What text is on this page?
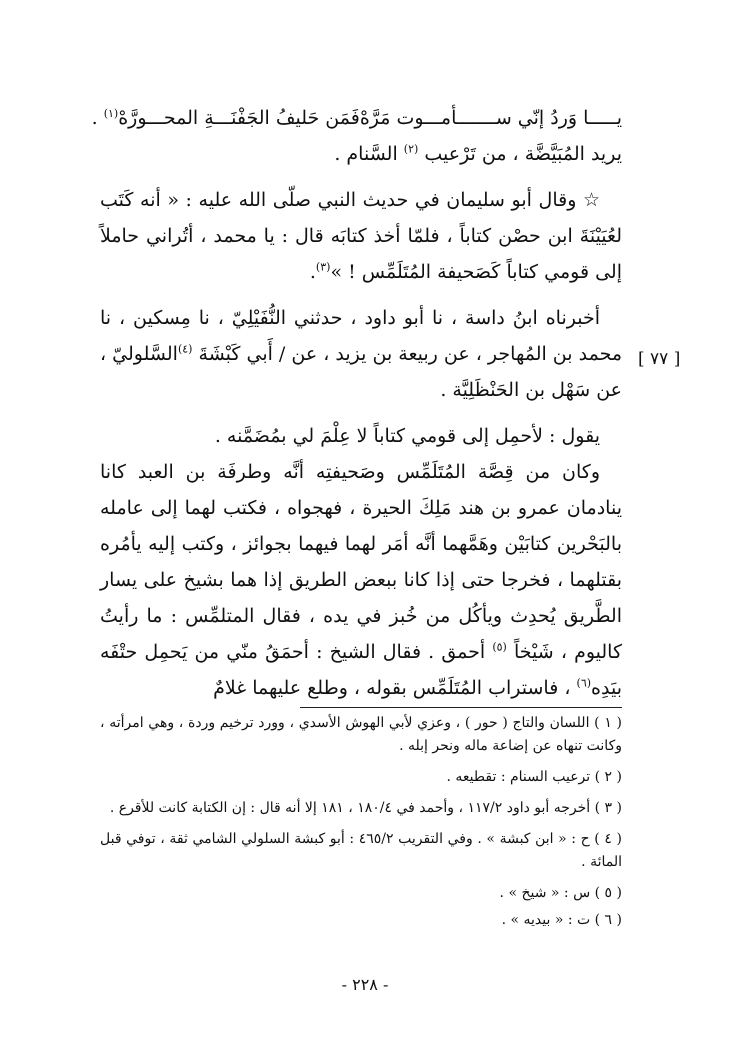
يـــــا وَردُ إنّي ســـــــأمـــوت مَرَّهْ
فَمَن حَليفُ الجَفْنَـــةِ المحـــورَّهْ(١) .

يريد المُبَيَّضَّة ، من تَرْعيب $^{(٢)}$ السَّنام .

☆ وقال أبو سليمان في حديث النبي صلّى الله عليه : « أنه كَتَب لعُيَيْنَةَ ابن حصْن كتاباً ، فلمّا أخذ كتابَه قال : يا محمد ، أتُراني حاملاً إلى قومي كتاباً كَصَحيفة المُتَلَمِّس ! »$^{(٣)}$.

أخبرناه ابنُ داسة ، نا أبو داود ، حدثني النُّفَيْلِيّ ، نا مِسكين ، نا محمد بن المُهاجر ، عن ربيعة بن يزيد ، عن / أَبي كَبْشَةَ $^{(٤)}$السَّلوليّ ، عن سَهْل بن الحَنْظَلِيَّة .

يقول : لأحمِل إلى قومي كتاباً لا عِلْمَ لي بمُضَمَّنه .

وكان من قِصَّة المُتَلَمِّس وصَحيفتِه أنَّه وطرفَة بن العبد كانا ينادمان عمرو بن هند مَلِكَ الحيرة ، فهجواه ، فكتب لهما إلى عامله بالبَحْرين كتابَيْن وهَمَّهما أنَّه أمَر لهما فيهما بجوائز ، وكتب إليه يأمُره بقتلهما ، فخرجا حتى إذا كانا ببعض الطريق إذا هما بشيخ على يسار الطَّريق يُحدِث ويأكُل من خُبز في يده ، فقال المتلمِّس : ما رأيتُ كاليوم ، شَيْخاً $^{(٥)}$ أحمق . فقال الشيخ : أحمَقُ منّي من يَحمِل حتْفَه بيَدِه$^{(٦)}$ ، فاستراب المُتَلَمِّس بقوله ، وطلع عليهما غلامٌ

[ ٧٧ ]

( ١ ) اللسان والتاج ( حور ) ، وعزي لأبي الهوش الأسدي ، وورد ترخيم وردة ، وهي امرأته ، وكانت تنهاه عن إضاعة ماله ونحر إبله .

( ٢ ) ترعيب السنام : تقطيعه .

( ٣ ) أخرجه أبو داود ١١٧/٢ ، وأحمد في ١٨٠/٤ ، ١٨١ إلا أنه قال : إن الكتابة كانت للأقرع .

( ٤ ) ح : « ابن كبشة » . وفي التقريب ٤٦٥/٢ : أبو كبشة السلولي الشامي ثقة ، توفي قبل المائة .

( ٥ ) س : « شيخ » .

( ٦ ) ت : « بيديه » .

- ٢٢٨ -
